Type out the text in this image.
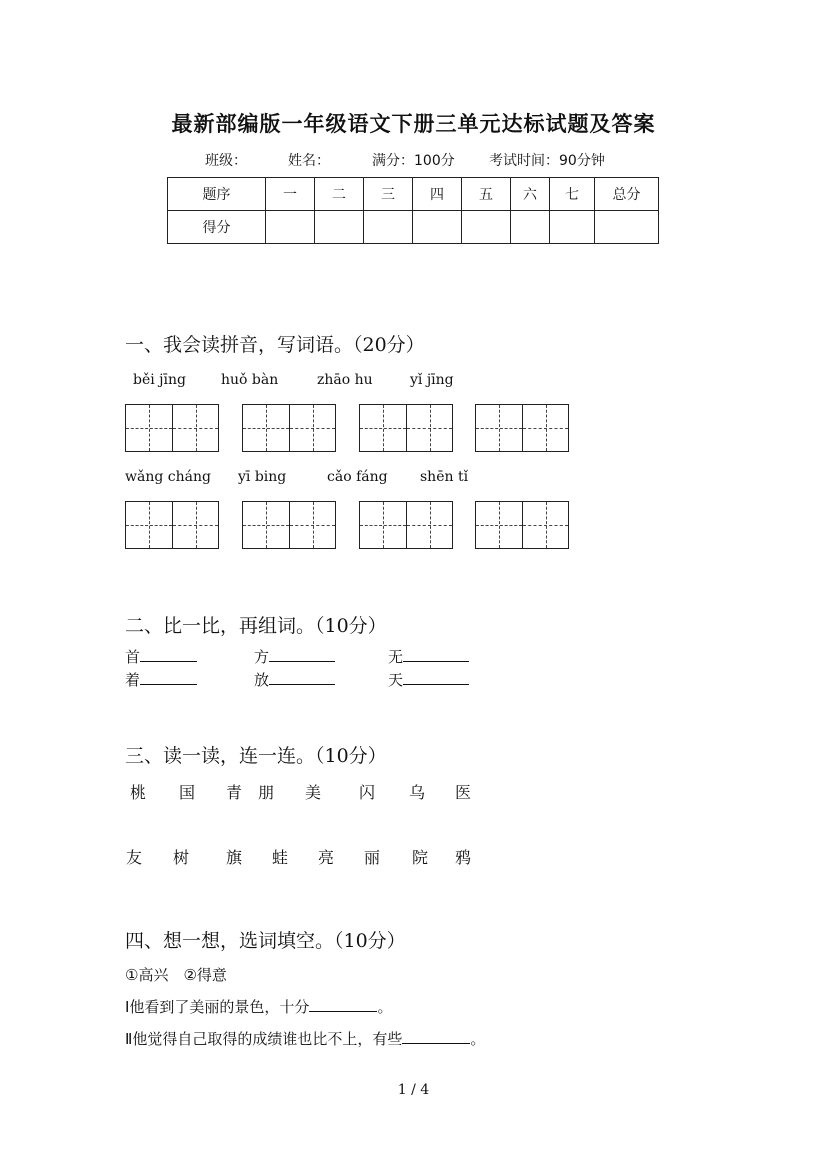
最新部编版一年级语文下册三单元达标试题及答案
班级：	姓名：	满分：100分 考试时间：90分钟
题序	一	二	三	四	五	六	七	总分
得分								
一、我会读拼音，写词语。（20分）
běi jīng	huǒ bàn	zhāo hu	yǐ jīng
wǎng cháng yī bing	cǎo fáng shēn tǐ
二、比一比，再组词。（10分）
首	方	无
着	放	天
三、读一读，连一连。（10分）
桃 国 青 朋 美 闪 乌 医
友 树 旗 蛙 亮 丽 院 鸦
四、想一想，选词填空。（10分）
①高兴　②得意
Ⅰ他看到了美丽的景色，十分	。
Ⅱ他觉得自己取得的成绩谁也比不上，有些	。
1 / 4
